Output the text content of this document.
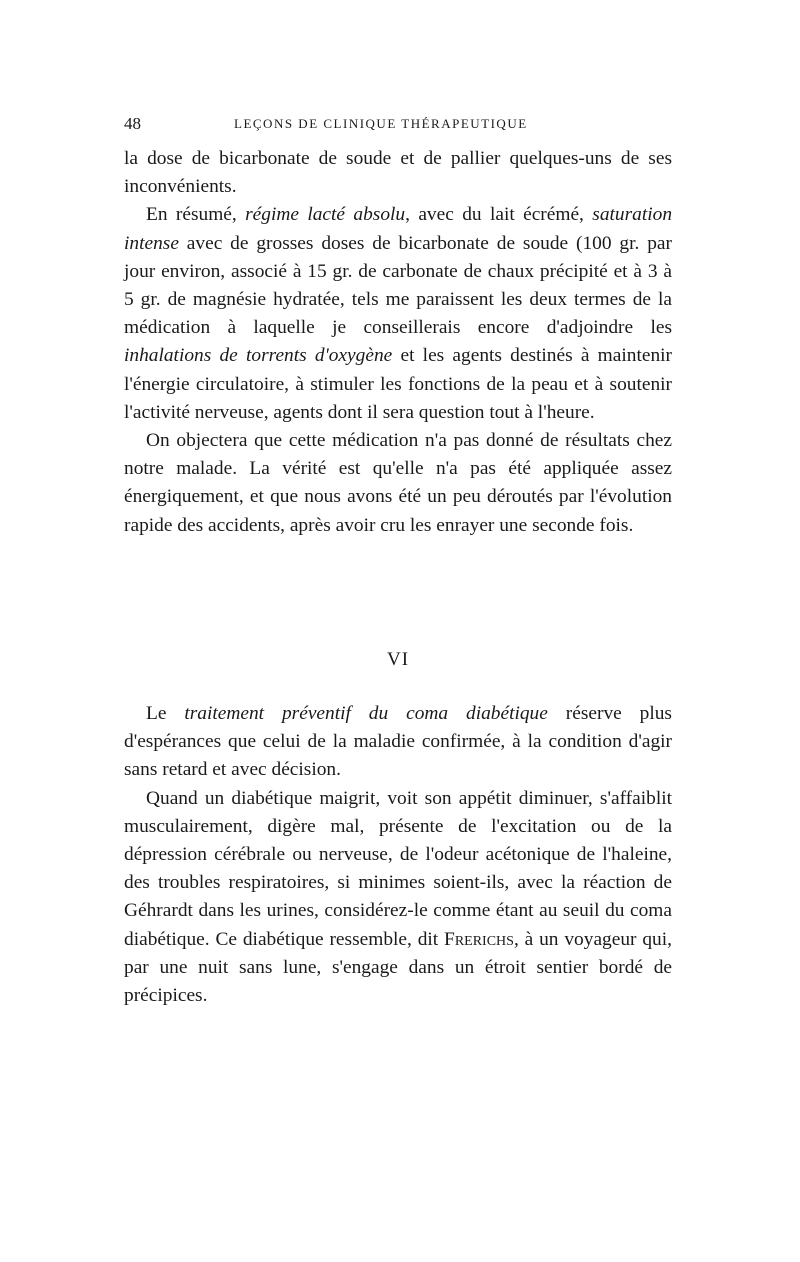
48	LEÇONS DE CLINIQUE THÉRAPEUTIQUE

la dose de bicarbonate de soude et de pallier quelques-uns de ses inconvénients.

En résumé, régime lacté absolu, avec du lait écrémé, saturation intense avec de grosses doses de bicarbonate de soude (100 gr. par jour environ, associé à 15 gr. de carbonate de chaux précipité et à 3 à 5 gr. de magnésie hydratée, tels me paraissent les deux termes de la médication à laquelle je conseillerais encore d'adjoindre les inhalations de torrents d'oxygène et les agents destinés à maintenir l'énergie circulatoire, à stimuler les fonctions de la peau et à soutenir l'activité nerveuse, agents dont il sera question tout à l'heure.

On objectera que cette médication n'a pas donné de résultats chez notre malade. La vérité est qu'elle n'a pas été appliquée assez énergiquement, et que nous avons été un peu déroutés par l'évolution rapide des accidents, après avoir cru les enrayer une seconde fois.

VI

Le traitement préventif du coma diabétique réserve plus d'espérances que celui de la maladie confirmée, à la condition d'agir sans retard et avec décision.

Quand un diabétique maigrit, voit son appétit diminuer, s'affaiblit musculairement, digère mal, présente de l'excitation ou de la dépression cérébrale ou nerveuse, de l'odeur acétonique de l'haleine, des troubles respiratoires, si minimes soient-ils, avec la réaction de Géhrardt dans les urines, considérez-le comme étant au seuil du coma diabétique. Ce diabétique ressemble, dit Frerichs, à un voyageur qui, par une nuit sans lune, s'engage dans un étroit sentier bordé de précipices.
